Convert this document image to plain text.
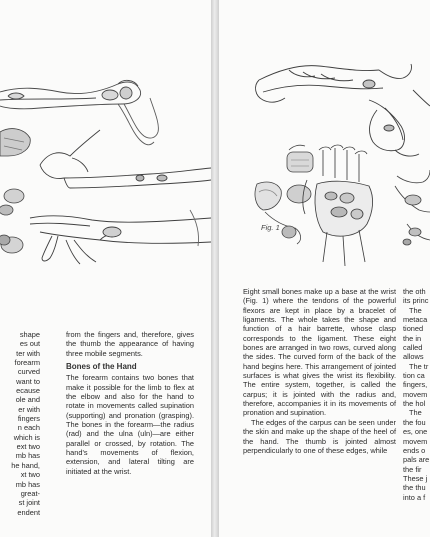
shape
es out
ter with
forearm
curved
want to
ecause
ole and
er with
fingers
n each
which is
ext two
mb has
he hand,
xt two
mb has
great-
st joint
endent

from the fingers and, therefore, gives the thumb the appearance of having three mobile segments.

Bones of the Hand

The forearm contains two bones that make it possible for the limb to flex at the elbow and also for the hand to rotate in movements called supination (supporting) and pronation (grasping). The bones in the forearm—the radius (rad) and the ulna (uln)—are either parallel or crossed, by rotation. The hand's movements of flexion, extension, and lateral tilting are initiated at the wrist.

Fig. 1

Eight small bones make up a base at the wrist (Fig. 1) where the tendons of the powerful flexors are kept in place by a bracelet of ligaments. The whole takes the shape and function of a hair barrette, whose clasp corresponds to the ligament. These eight bones are arranged in two rows, curved along the sides. The curved form of the back of the hand begins here. This arrangement of jointed surfaces is what gives the wrist its flexibility. The entire system, together, is called the carpus; it is jointed with the radius and, therefore, accompanies it in its movements of pronation and supination.

The edges of the carpus can be seen under the skin and make up the shape of the heel of the hand. The thumb is jointed almost perpendicularly to one of these edges, while

the oth
its princ
The
metaca
tioned
the in
called
allows
The tr
tion ca
fingers,
movem
the hol
The
the fou
es, one
movem
ends o
pals are
the fir
These j
the thu
into a f
